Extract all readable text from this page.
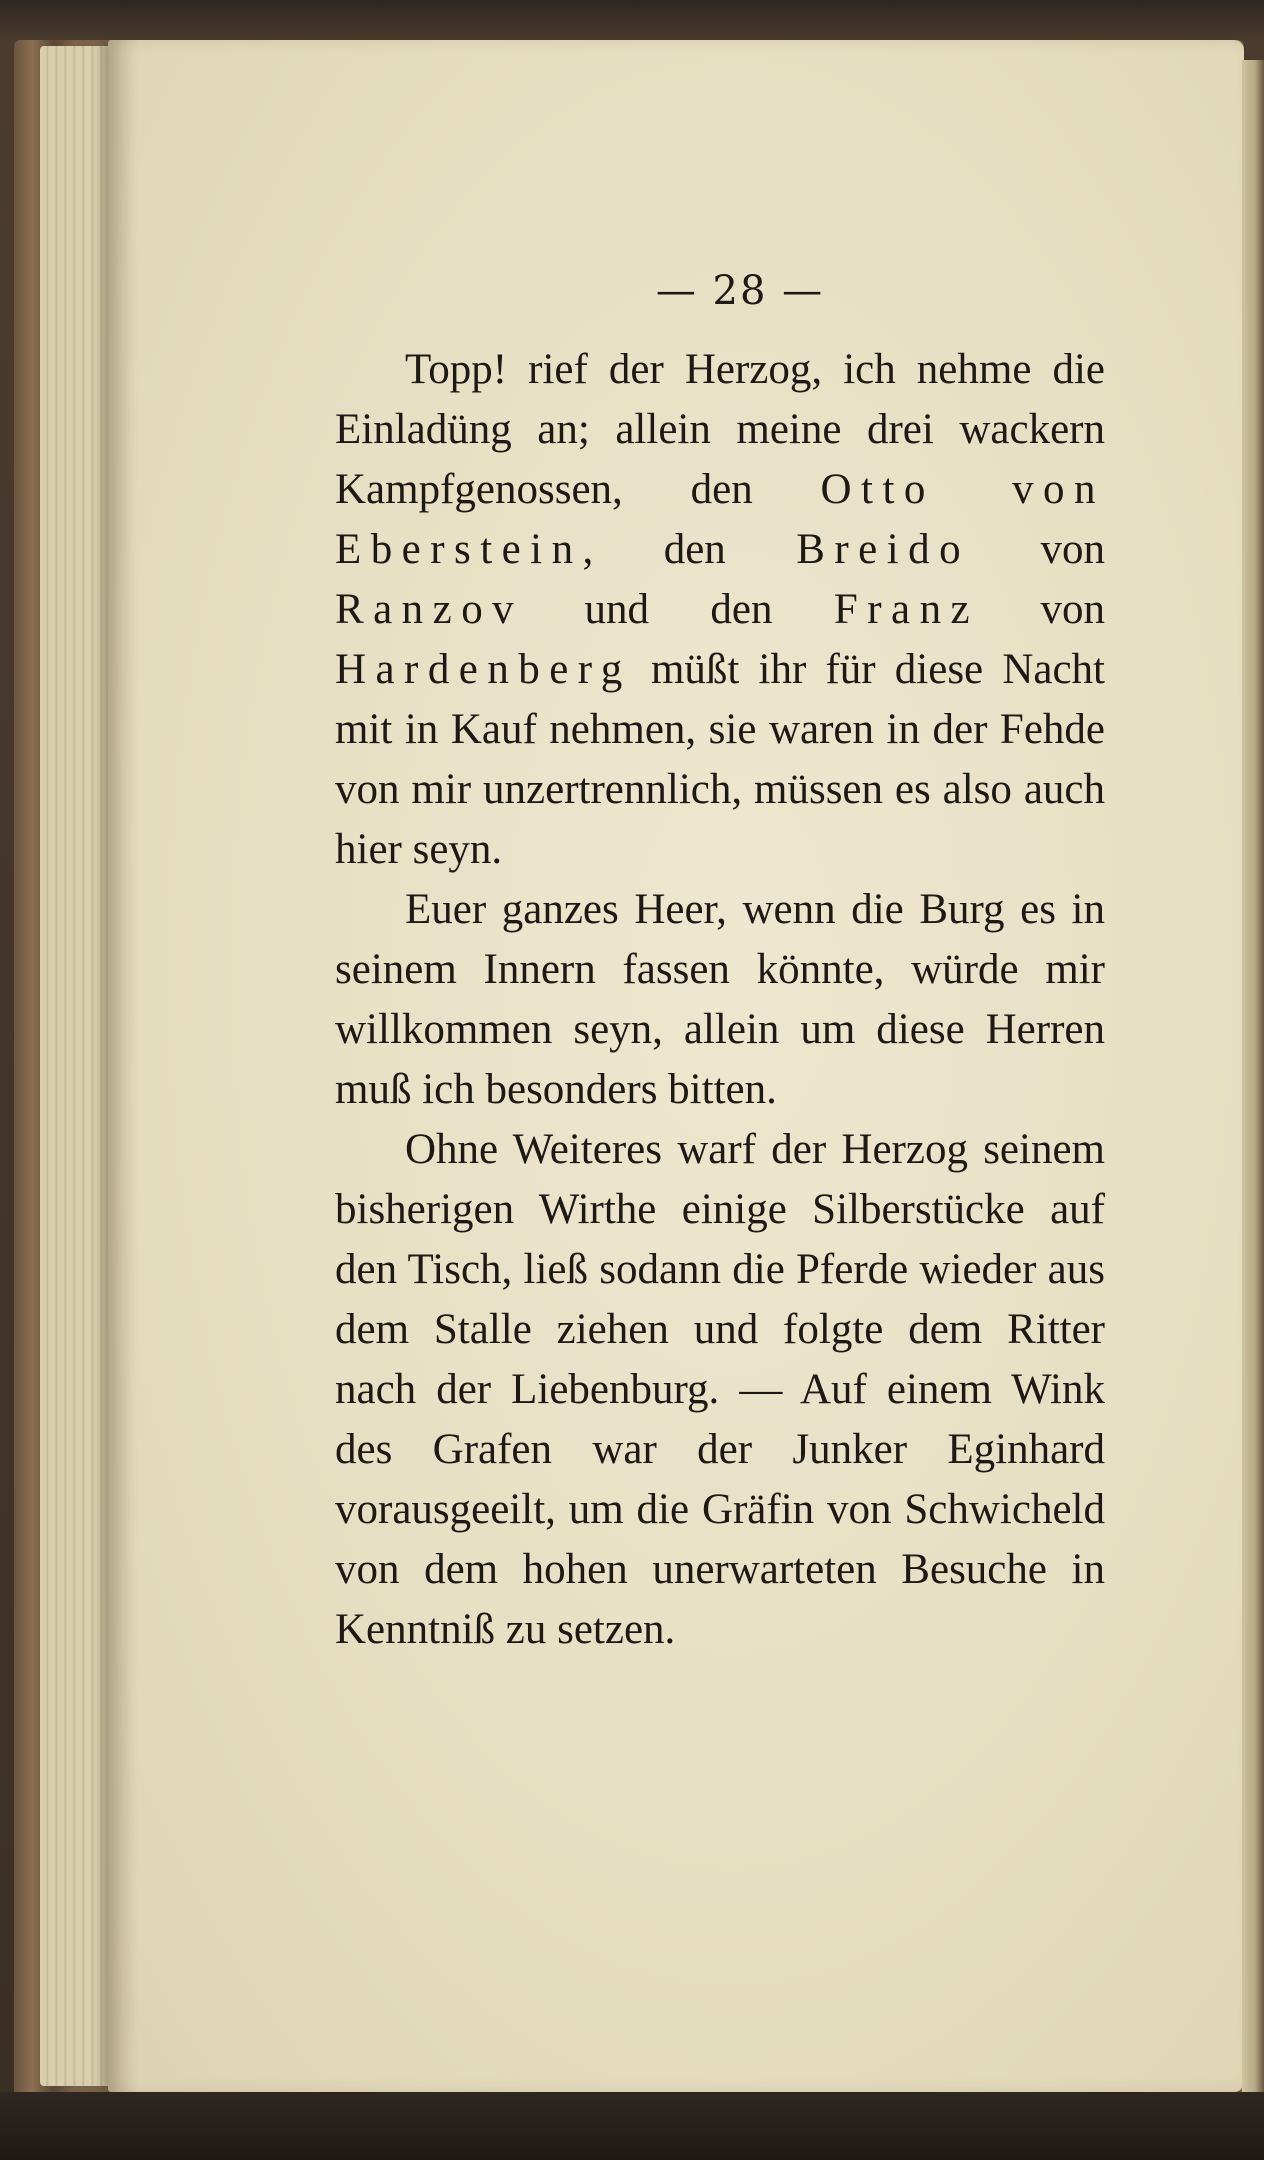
— 28 —

Topp! rief der Herzog, ich nehme die Einladüng an; allein meine drei wackern Kampfgenossen, den Otto von Eberstein, den Breido von Ranzov und den Franz von Hardenberg müßt ihr für diese Nacht mit in Kauf nehmen, sie waren in der Fehde von mir unzertrennlich, müssen es also auch hier seyn.

Euer ganzes Heer, wenn die Burg es in seinem Innern fassen könnte, würde mir willkommen seyn, allein um diese Herren muß ich besonders bitten.

Ohne Weiteres warf der Herzog seinem bisherigen Wirthe einige Silberstücke auf den Tisch, ließ sodann die Pferde wieder aus dem Stalle ziehen und folgte dem Ritter nach der Liebenburg. — Auf einem Wink des Grafen war der Junker Eginhard vorausgeeilt, um die Gräfin von Schwicheld von dem hohen unerwarteten Besuche in Kenntniß zu setzen.
